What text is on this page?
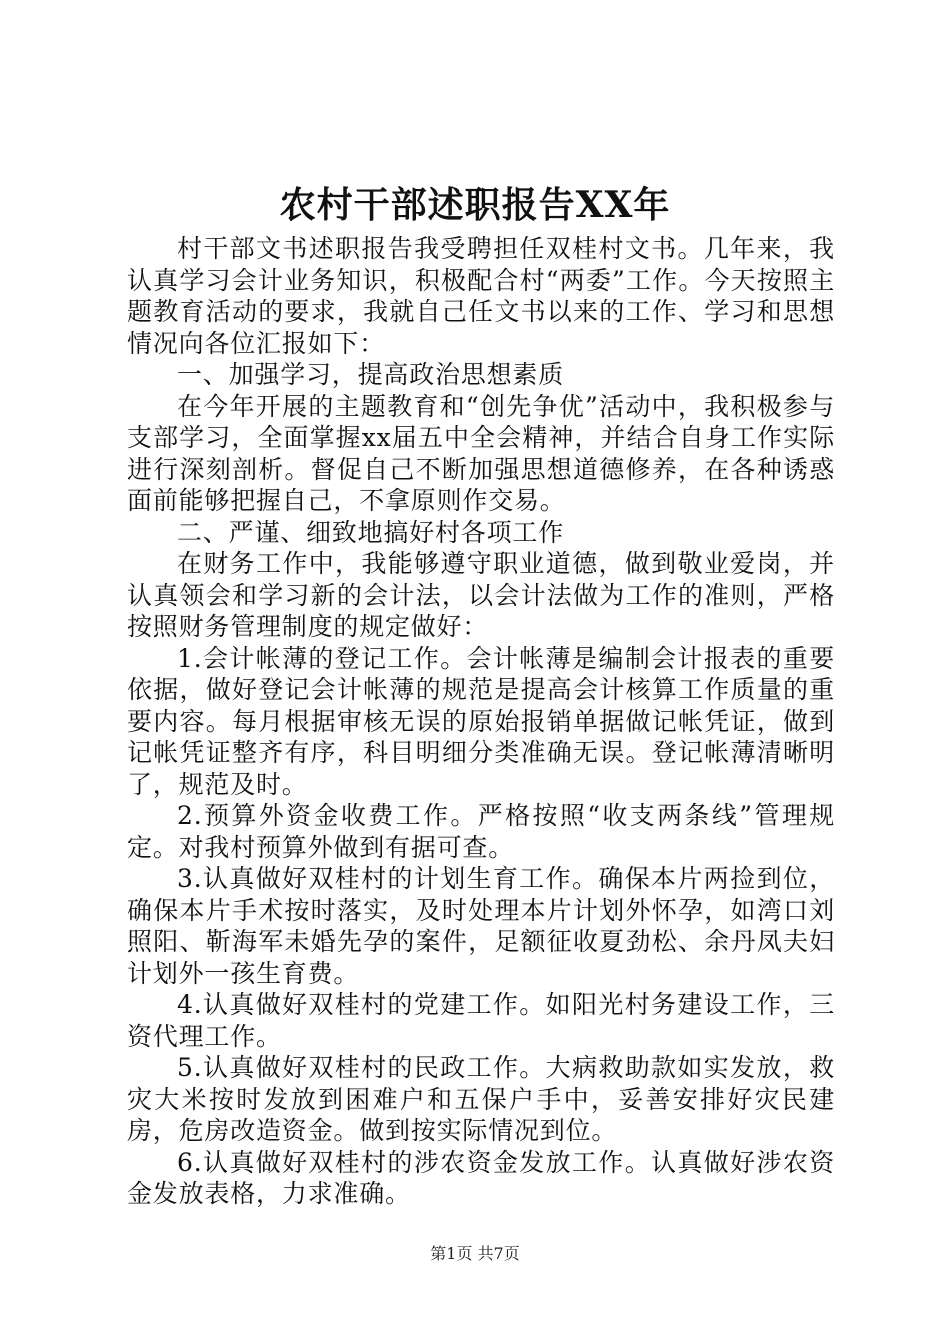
农村干部述职报告XX年

村干部文书述职报告我受聘担任双桂村文书。几年来，我认真学习会计业务知识，积极配合村“两委”工作。今天按照主题教育活动的要求，我就自己任文书以来的工作、学习和思想情况向各位汇报如下：

一、加强学习，提高政治思想素质

在今年开展的主题教育和“创先争优”活动中，我积极参与支部学习，全面掌握xx届五中全会精神，并结合自身工作实际进行深刻剖析。督促自己不断加强思想道德修养，在各种诱惑面前能够把握自己，不拿原则作交易。

二、严谨、细致地搞好村各项工作

在财务工作中，我能够遵守职业道德，做到敬业爱岗，并认真领会和学习新的会计法，以会计法做为工作的准则，严格按照财务管理制度的规定做好：

1.会计帐薄的登记工作。会计帐薄是编制会计报表的重要依据，做好登记会计帐薄的规范是提高会计核算工作质量的重要内容。每月根据审核无误的原始报销单据做记帐凭证，做到记帐凭证整齐有序，科目明细分类准确无误。登记帐薄清晰明了，规范及时。

2.预算外资金收费工作。严格按照“收支两条线”管理规定。对我村预算外做到有据可查。

3.认真做好双桂村的计划生育工作。确保本片两捡到位，确保本片手术按时落实，及时处理本片计划外怀孕，如湾口刘照阳、靳海军未婚先孕的案件，足额征收夏劲松、余丹凤夫妇计划外一孩生育费。

4.认真做好双桂村的党建工作。如阳光村务建设工作，三资代理工作。

5.认真做好双桂村的民政工作。大病救助款如实发放，救灾大米按时发放到困难户和五保户手中，妥善安排好灾民建房，危房改造资金。做到按实际情况到位。

6.认真做好双桂村的涉农资金发放工作。认真做好涉农资金发放表格，力求准确。

第1页 共7页
